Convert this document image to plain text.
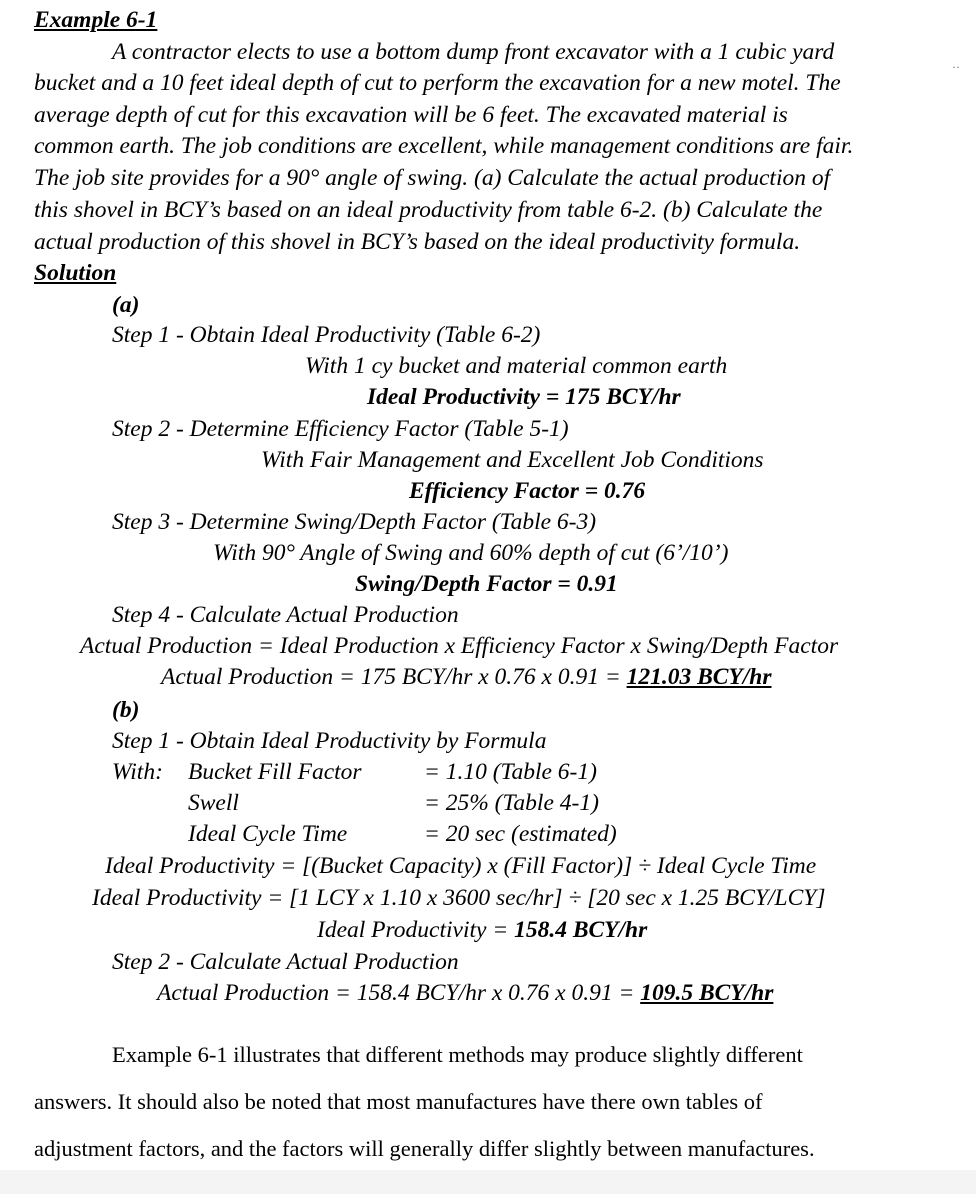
Example 6-1
A contractor elects to use a bottom dump front excavator with a 1 cubic yard
bucket and a 10 feet ideal depth of cut to perform the excavation for a new motel. The
average depth of cut for this excavation will be 6 feet. The excavated material is
common earth. The job conditions are excellent, while management conditions are fair.
The job site provides for a 90° angle of swing. (a) Calculate the actual production of
this shovel in BCY’s based on an ideal productivity from table 6-2. (b) Calculate the
actual production of this shovel in BCY’s based on the ideal productivity formula.
··
Solution
(a)
Step 1 - Obtain Ideal Productivity (Table 6-2)
With 1 cy bucket and material common earth
Ideal Productivity = 175 BCY/hr
Step 2 - Determine Efficiency Factor (Table 5-1)
With Fair Management and Excellent Job Conditions
Efficiency Factor = 0.76
Step 3 - Determine Swing/Depth Factor (Table 6-3)
With 90° Angle of Swing and 60% depth of cut (6’/10’)
Swing/Depth Factor = 0.91
Step 4 - Calculate Actual Production
Actual Production = Ideal Production x Efficiency Factor x Swing/Depth Factor
Actual Production = 175 BCY/hr x 0.76 x 0.91 = 121.03 BCY/hr
(b)
Step 1 - Obtain Ideal Productivity by Formula
With: Bucket Fill Factor	= 1.10 (Table 6-1)
Swell	= 25% (Table 4-1)
Ideal Cycle Time	= 20 sec (estimated)
Ideal Productivity = [(Bucket Capacity) x (Fill Factor)] ÷ Ideal Cycle Time
Ideal Productivity = [1 LCY x 1.10 x 3600 sec/hr] ÷ [20 sec x 1.25 BCY/LCY]
Ideal Productivity = 158.4 BCY/hr
Step 2 - Calculate Actual Production
Actual Production = 158.4 BCY/hr x 0.76 x 0.91 = 109.5 BCY/hr
Example 6-1 illustrates that different methods may produce slightly different
answers. It should also be noted that most manufactures have there own tables of
adjustment factors, and the factors will generally differ slightly between manufactures.
